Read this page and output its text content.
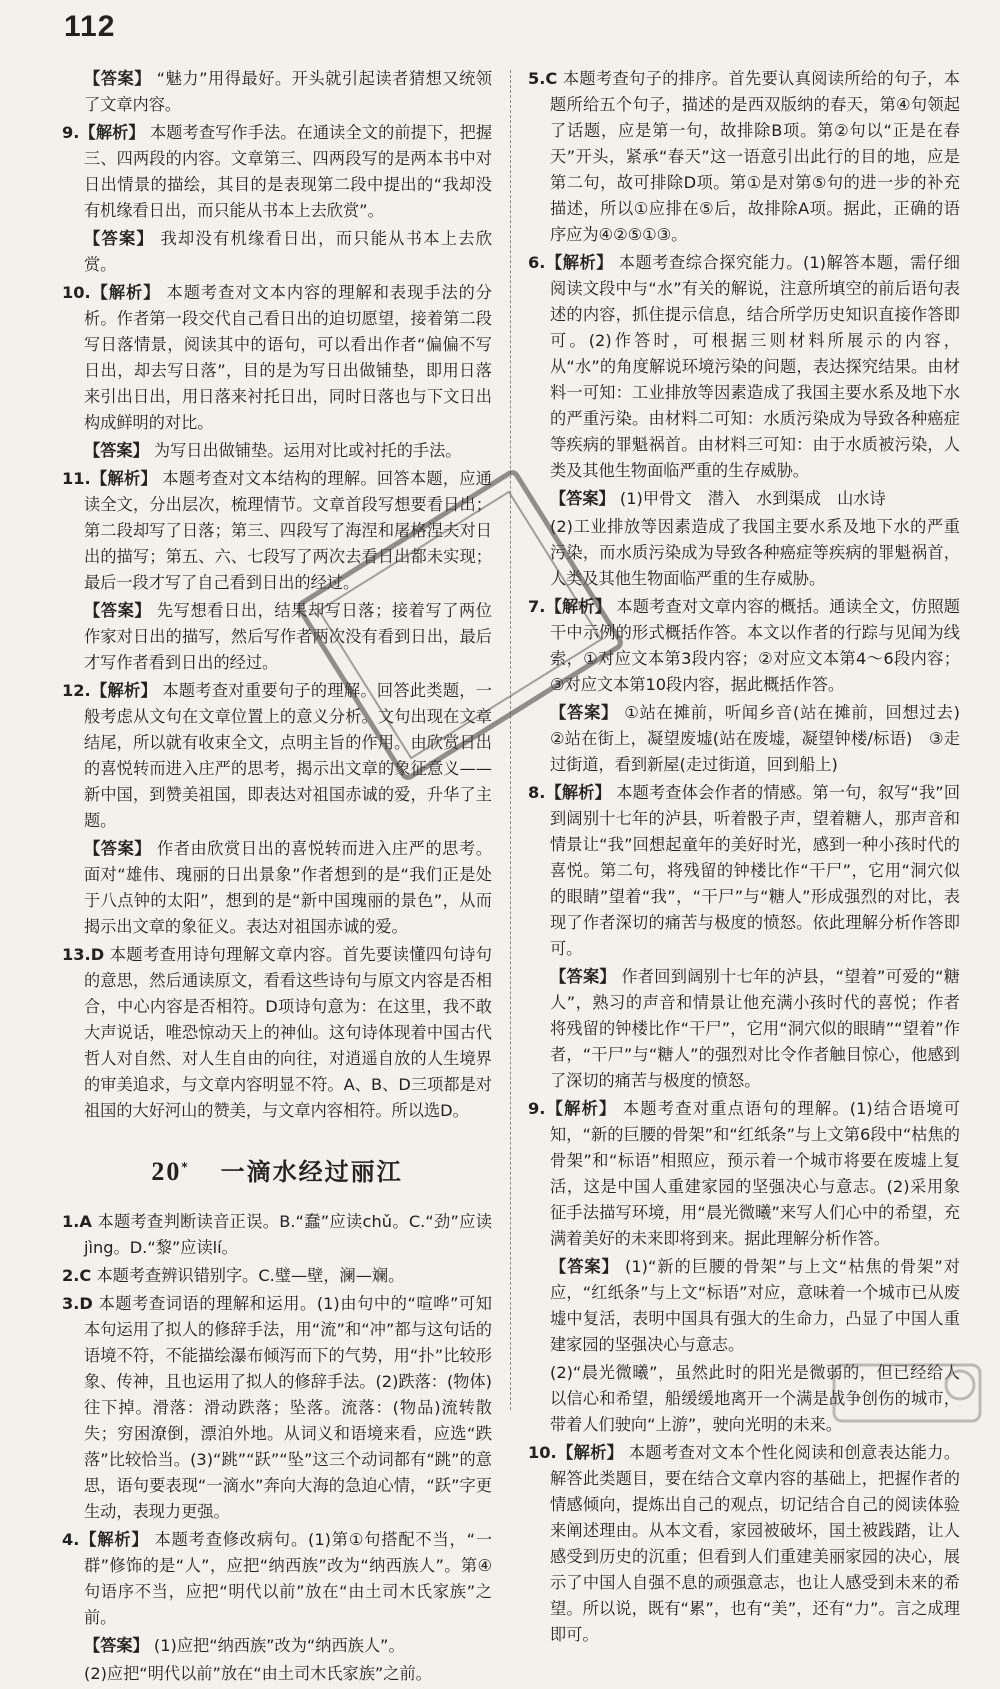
112
【答案】 “魅力”用得最好。开头就引起读者猜想又统领了文章内容。
9.【解析】 本题考查写作手法。在通读全文的前提下，把握三、四两段的内容。文章第三、四两段写的是两本书中对日出情景的描绘，其目的是表现第二段中提出的“我却没有机缘看日出，而只能从书本上去欣赏”。
【答案】 我却没有机缘看日出，而只能从书本上去欣赏。
10.【解析】 本题考查对文本内容的理解和表现手法的分析。作者第一段交代自己看日出的迫切愿望，接着第二段写日落情景，阅读其中的语句，可以看出作者“偏偏不写日出，却去写日落”，目的是为写日出做铺垫，即用日落来引出日出，用日落来衬托日出，同时日落也与下文日出构成鲜明的对比。
【答案】 为写日出做铺垫。运用对比或衬托的手法。
11.【解析】 本题考查对文本结构的理解。回答本题，应通读全文，分出层次，梳理情节。文章首段写想要看日出；第二段却写了日落；第三、四段写了海涅和屠格涅夫对日出的描写；第五、六、七段写了两次去看日出都未实现；最后一段才写了自己看到日出的经过。
【答案】 先写想看日出，结果却写日落；接着写了两位作家对日出的描写，然后写作者两次没有看到日出，最后才写作者看到日出的经过。
12.【解析】 本题考查对重要句子的理解。回答此类题，一般考虑从文句在文章位置上的意义分析。文句出现在文章结尾，所以就有收束全文，点明主旨的作用。由欣赏日出的喜悦转而进入庄严的思考，揭示出文章的象征意义——新中国，到赞美祖国，即表达对祖国赤诚的爱，升华了主题。
【答案】 作者由欣赏日出的喜悦转而进入庄严的思考。面对“雄伟、瑰丽的日出景象”作者想到的是“我们正是处于八点钟的太阳”，想到的是“新中国瑰丽的景色”，从而揭示出文章的象征义。表达对祖国赤诚的爱。
13.D 本题考查用诗句理解文章内容。首先要读懂四句诗句的意思，然后通读原文，看看这些诗句与原文内容是否相合，中心内容是否相符。D项诗句意为：在这里，我不敢大声说话，唯恐惊动天上的神仙。这句诗体现着中国古代哲人对自然、对人生自由的向往，对逍遥自放的人生境界的审美追求，与文章内容明显不符。A、B、D三项都是对祖国的大好河山的赞美，与文章内容相符。所以选D。
20* 一滴水经过丽江
1.A 本题考查判断读音正误。B.“蠢”应读chǔ。C.“劲”应读jìng。D.“黎”应读lí。
2.C 本题考查辨识错别字。C.璧—壁，澜—斓。
3.D 本题考查词语的理解和运用。(1)由句中的“喧哗”可知本句运用了拟人的修辞手法，用“流”和“冲”都与这句话的语境不符，不能描绘瀑布倾泻而下的气势，用“扑”比较形象、传神，且也运用了拟人的修辞手法。(2)跌落：(物体)往下掉。滑落：滑动跌落；坠落。流落：(物品)流转散失；穷困潦倒，漂泊外地。从词义和语境来看，应选“跌落”比较恰当。(3)“跳”“跃”“坠”这三个动词都有“跳”的意思，语句要表现“一滴水”奔向大海的急迫心情，“跃”字更生动，表现力更强。
4.【解析】 本题考查修改病句。(1)第①句搭配不当，“一群”修饰的是“人”，应把“纳西族”改为“纳西族人”。第④句语序不当，应把“明代以前”放在“由土司木氏家族”之前。
【答案】 (1)应把“纳西族”改为“纳西族人”。
(2)应把“明代以前”放在“由土司木氏家族”之前。
5.C 本题考查句子的排序。首先要认真阅读所给的句子，本题所给五个句子，描述的是西双版纳的春天，第④句领起了话题，应是第一句，故排除B项。第②句以“正是在春天”开头，紧承“春天”这一语意引出此行的目的地，应是第二句，故可排除D项。第①是对第⑤句的进一步的补充描述，所以①应排在⑤后，故排除A项。据此，正确的语序应为④②⑤①③。
6.【解析】 本题考查综合探究能力。(1)解答本题，需仔细阅读文段中与“水”有关的解说，注意所填空的前后语句表述的内容，抓住提示信息，结合所学历史知识直接作答即可。(2)作答时，可根据三则材料所展示的内容，从“水”的角度解说环境污染的问题，表达探究结果。由材料一可知：工业排放等因素造成了我国主要水系及地下水的严重污染。由材料二可知：水质污染成为导致各种癌症等疾病的罪魁祸首。由材料三可知：由于水质被污染，人类及其他生物面临严重的生存威胁。
【答案】 (1)甲骨文　潜入　水到渠成　山水诗
(2)工业排放等因素造成了我国主要水系及地下水的严重污染，而水质污染成为导致各种癌症等疾病的罪魁祸首，人类及其他生物面临严重的生存威胁。
7.【解析】 本题考查对文章内容的概括。通读全文，仿照题干中示例的形式概括作答。本文以作者的行踪与见闻为线索，①对应文本第3段内容；②对应文本第4～6段内容；③对应文本第10段内容，据此概括作答。
【答案】 ①站在摊前，听闻乡音(站在摊前，回想过去)　②站在街上，凝望废墟(站在废墟，凝望钟楼/标语)　③走过街道，看到新屋(走过街道，回到船上)
8.【解析】 本题考查体会作者的情感。第一句，叙写“我”回到阔别十七年的泸县，听着骰子声，望着糖人，那声音和情景让“我”回想起童年的美好时光，感到一种小孩时代的喜悦。第二句，将残留的钟楼比作“干尸”，它用“洞穴似的眼睛”望着“我”，“干尸”与“糖人”形成强烈的对比，表现了作者深切的痛苦与极度的愤怒。依此理解分析作答即可。
【答案】 作者回到阔别十七年的泸县，“望着”可爱的“糖人”，熟习的声音和情景让他充满小孩时代的喜悦；作者将残留的钟楼比作“干尸”，它用“洞穴似的眼睛”“望着”作者，“干尸”与“糖人”的强烈对比令作者触目惊心，他感到了深切的痛苦与极度的愤怒。
9.【解析】 本题考查对重点语句的理解。(1)结合语境可知，“新的巨腰的骨架”和“红纸条”与上文第6段中“枯焦的骨架”和“标语”相照应，预示着一个城市将要在废墟上复活，这是中国人重建家园的坚强决心与意志。(2)采用象征手法描写环境，用“晨光微曦”来写人们心中的希望，充满着美好的未来即将到来。据此理解分析作答。
【答案】 (1)“新的巨腰的骨架”与上文“枯焦的骨架”对应，“红纸条”与上文“标语”对应，意味着一个城市已从废墟中复活，表明中国具有强大的生命力，凸显了中国人重建家园的坚强决心与意志。
(2)“晨光微曦”，虽然此时的阳光是微弱的，但已经给人以信心和希望，船缓缓地离开一个满是战争创伤的城市，带着人们驶向“上游”，驶向光明的未来。
10.【解析】 本题考查对文本个性化阅读和创意表达能力。解答此类题目，要在结合文章内容的基础上，把握作者的情感倾向，提炼出自己的观点，切记结合自己的阅读体验来阐述理由。从本文看，家园被破坏，国土被践踏，让人感受到历史的沉重；但看到人们重建美丽家园的决心，展示了中国人自强不息的顽强意志，也让人感受到未来的希望。所以说，既有“累”，也有“美”，还有“力”。言之成理即可。
